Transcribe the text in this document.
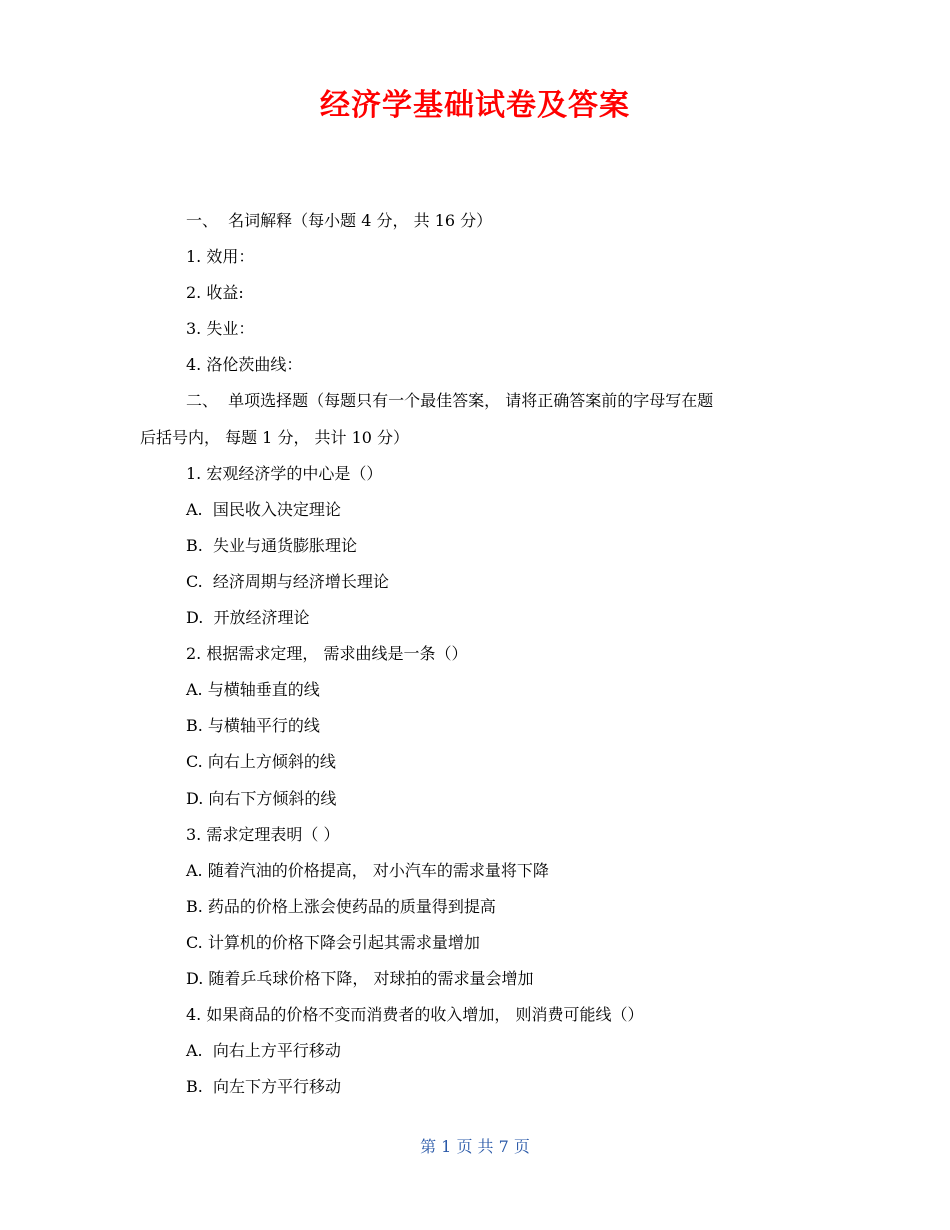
经济学基础试卷及答案
一、  名词解释（每小题 4 分， 共 16 分）
1. 效用：
2. 收益:
3. 失业：
4. 洛伦茨曲线：
二、  单项选择题（每题只有一个最佳答案， 请将正确答案前的字母写在题
后括号内， 每题 1 分， 共计 10 分）
1. 宏观经济学的中心是（）
A.  国民收入决定理论
B.  失业与通货膨胀理论
C.  经济周期与经济增长理论
D.  开放经济理论
2. 根据需求定理， 需求曲线是一条（）
A. 与横轴垂直的线
B. 与横轴平行的线
C. 向右上方倾斜的线
D. 向右下方倾斜的线
3. 需求定理表明（ ）
A. 随着汽油的价格提高， 对小汽车的需求量将下降
B. 药品的价格上涨会使药品的质量得到提高
C. 计算机的价格下降会引起其需求量增加
D. 随着乒乓球价格下降， 对球拍的需求量会增加
4. 如果商品的价格不变而消费者的收入增加， 则消费可能线（）
A.  向右上方平行移动
B.  向左下方平行移动
第 1 页 共 7 页
